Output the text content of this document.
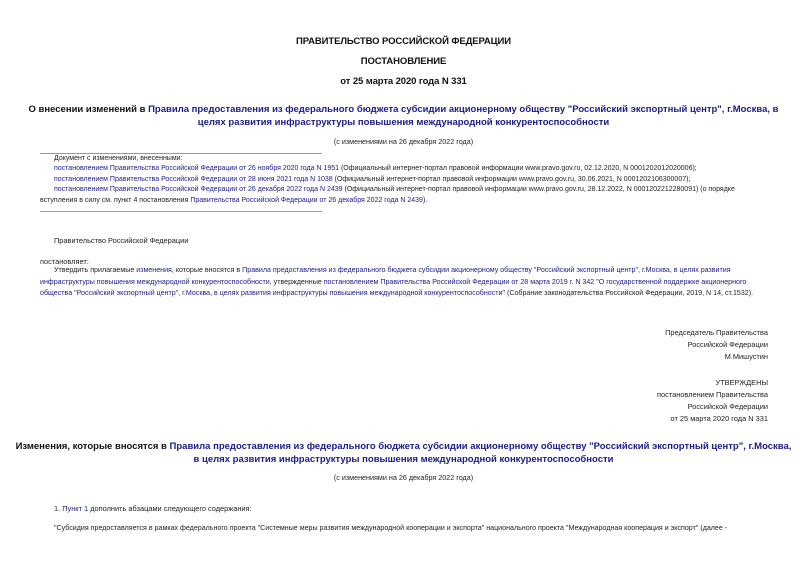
ПРАВИТЕЛЬСТВО РОССИЙСКОЙ ФЕДЕРАЦИИ
ПОСТАНОВЛЕНИЕ
от 25 марта 2020 года N 331
О внесении изменений в Правила предоставления из федерального бюджета субсидии акционерному обществу "Российский экспортный центр", г.Москва, в
целях развития инфраструктуры повышения международной конкурентоспособности
(с изменениями на 26 декабря 2022 года)
Документ с изменениями, внесенными:
постановлением Правительства Российской Федерации от 26 ноября 2020 года N 1951 (Официальный интернет-портал правовой информации www.pravo.gov.ru, 02.12.2020, N 0001202012020006);
постановлением Правительства Российской Федерации от 28 июня 2021 года N 1038 (Официальный интернет-портал правовой информации www.pravo.gov.ru, 30.06.2021, N 0001202106300007);
постановлением Правительства Российской Федерации от 26 декабря 2022 года N 2439 (Официальный интернет-портал правовой информации www.pravo.gov.ru, 28.12.2022, N 0001202212280091) (о порядке
вступления в силу см. пункт 4 постановления Правительства Российской Федерации от 26 декабря 2022 года N 2439).
Правительство Российской Федерации
постановляет:
Утвердить прилагаемые изменения, которые вносятся в Правила предоставления из федерального бюджета субсидии акционерному обществу "Российский экспортный центр", г.Москва, в целях развития
инфраструктуры повышения международной конкурентоспособности, утвержденные постановлением Правительства Российской Федерации от 28 марта 2019 г. N 342 "О государственной поддержке акционерного
общества "Российский экспортный центр", г.Москва, в целях развития инфраструктуры повышения международной конкурентоспособности" (Собрание законодательства Российской Федерации, 2019, N 14, ст.1532).
Председатель Правительства
Российской Федерации
М.Мишустин
УТВЕРЖДЕНЫ
постановлением Правительства
Российской Федерации
от 25 марта 2020 года N 331
Изменения, которые вносятся в Правила предоставления из федерального бюджета субсидии акционерному обществу "Российский экспортный центр", г.Москва,
в целях развития инфраструктуры повышения международной конкурентоспособности
(с изменениями на 26 декабря 2022 года)
1. Пункт 1 дополнить абзацами следующего содержания:
"Субсидия предоставляется в рамках федерального проекта "Системные меры развития международной кооперации и экспорта" национального проекта "Международная кооперация и экспорт" (далее -
